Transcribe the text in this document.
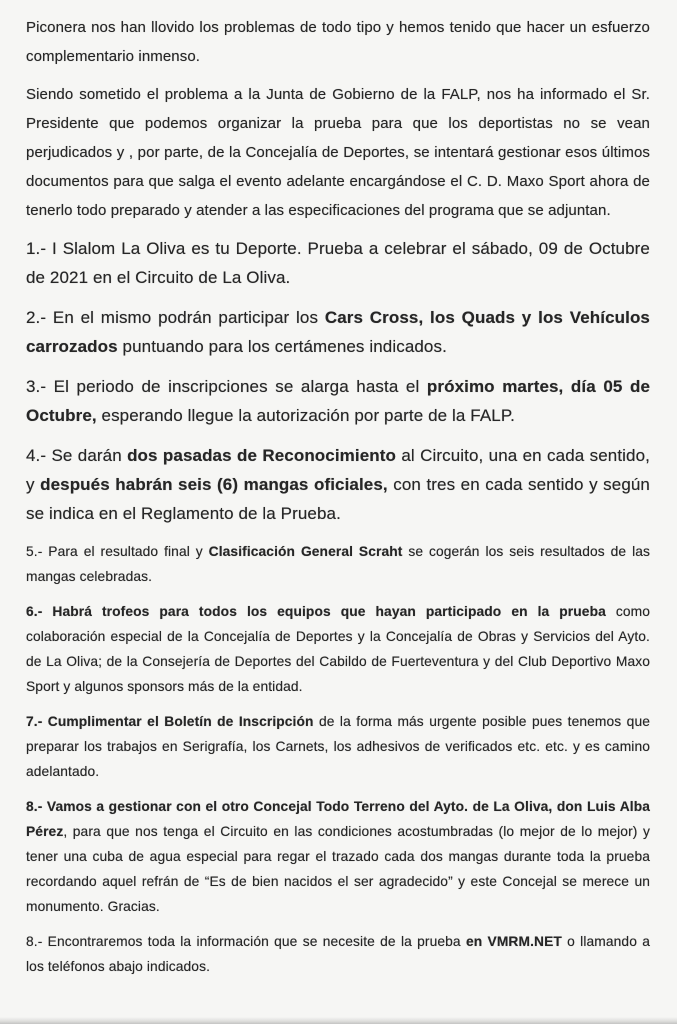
Piconera nos han llovido los problemas de todo tipo y hemos tenido que hacer un esfuerzo complementario inmenso.

Siendo sometido el problema a la Junta de Gobierno de la FALP, nos ha informado el Sr. Presidente que podemos organizar la prueba para que los deportistas no se vean perjudicados y , por parte, de la Concejalía de Deportes, se intentará gestionar esos últimos documentos para que salga el evento adelante encargándose el C. D. Maxo Sport ahora de tenerlo todo preparado y atender a las especificaciones del programa que se adjuntan.

1.- I Slalom La Oliva es tu Deporte. Prueba a celebrar el sábado, 09 de Octubre de 2021 en el Circuito de La Oliva.

2.- En el mismo podrán participar los Cars Cross, los Quads y los Vehículos carrozados puntuando para los certámenes indicados.

3.- El periodo de inscripciones se alarga hasta el próximo martes, día 05 de Octubre, esperando llegue la autorización por parte de la FALP.

4.- Se darán dos pasadas de Reconocimiento al Circuito, una en cada sentido, y después habrán seis (6) mangas oficiales, con tres en cada sentido y según se indica en el Reglamento de la Prueba.

5.- Para el resultado final y Clasificación General Scraht se cogerán los seis resultados de las mangas celebradas.

6.- Habrá trofeos para todos los equipos que hayan participado en la prueba como colaboración especial de la Concejalía de Deportes y la Concejalía de Obras y Servicios del Ayto. de La Oliva; de la Consejería de Deportes del Cabildo de Fuerteventura y del Club Deportivo Maxo Sport y algunos sponsors más de la entidad.

7.- Cumplimentar el Boletín de Inscripción de la forma más urgente posible pues tenemos que preparar los trabajos en Serigrafía, los Carnets, los adhesivos de verificados etc. etc. y es camino adelantado.

8.- Vamos a gestionar con el otro Concejal Todo Terreno del Ayto. de La Oliva, don Luis Alba Pérez, para que nos tenga el Circuito en las condiciones acostumbradas (lo mejor de lo mejor) y tener una cuba de agua especial para regar el trazado cada dos mangas durante toda la prueba recordando aquel refrán de “Es de bien nacidos el ser agradecido” y este Concejal se merece un monumento. Gracias.

8.- Encontraremos toda la información que se necesite de la prueba en VMRM.NET o llamando a los teléfonos abajo indicados.
